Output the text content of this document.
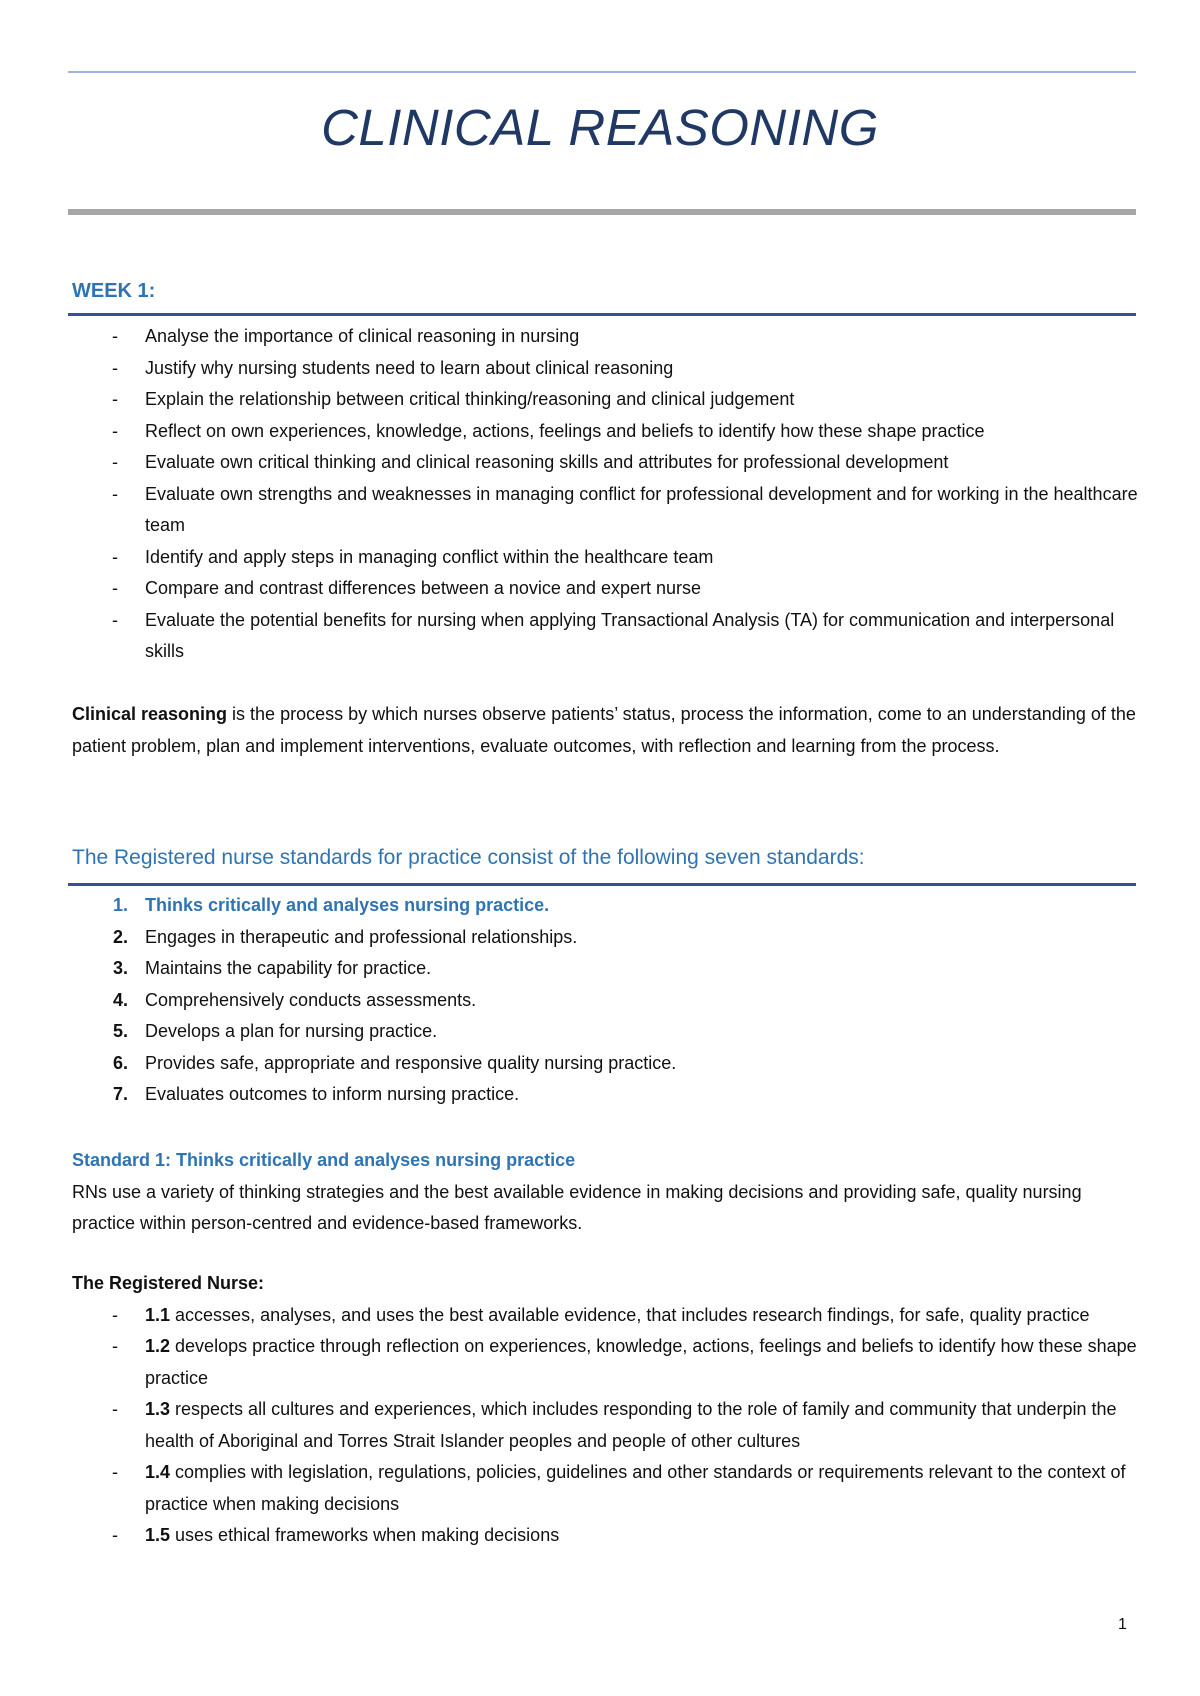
CLINICAL REASONING
WEEK 1:
- Analyse the importance of clinical reasoning in nursing
- Justify why nursing students need to learn about clinical reasoning
- Explain the relationship between critical thinking/reasoning and clinical judgement
- Reflect on own experiences, knowledge, actions, feelings and beliefs to identify how these shape practice
- Evaluate own critical thinking and clinical reasoning skills and attributes for professional development
- Evaluate own strengths and weaknesses in managing conflict for professional development and for working in the healthcare team
- Identify and apply steps in managing conflict within the healthcare team
- Compare and contrast differences between a novice and expert nurse
- Evaluate the potential benefits for nursing when applying Transactional Analysis (TA) for communication and interpersonal skills

Clinical reasoning is the process by which nurses observe patients’ status, process the information, come to an understanding of the patient problem, plan and implement interventions, evaluate outcomes, with reflection and learning from the process.

The Registered nurse standards for practice consist of the following seven standards:
1. Thinks critically and analyses nursing practice.
2. Engages in therapeutic and professional relationships.
3. Maintains the capability for practice.
4. Comprehensively conducts assessments.
5. Develops a plan for nursing practice.
6. Provides safe, appropriate and responsive quality nursing practice.
7. Evaluates outcomes to inform nursing practice.

Standard 1: Thinks critically and analyses nursing practice

RNs use a variety of thinking strategies and the best available evidence in making decisions and providing safe, quality nursing practice within person-centred and evidence-based frameworks.

The Registered Nurse:

- 1.1 accesses, analyses, and uses the best available evidence, that includes research findings, for safe, quality practice
- 1.2 develops practice through reflection on experiences, knowledge, actions, feelings and beliefs to identify how these shape practice
- 1.3 respects all cultures and experiences, which includes responding to the role of family and community that underpin the health of Aboriginal and Torres Strait Islander peoples and people of other cultures
- 1.4 complies with legislation, regulations, policies, guidelines and other standards or requirements relevant to the context of practice when making decisions
- 1.5 uses ethical frameworks when making decisions
1
